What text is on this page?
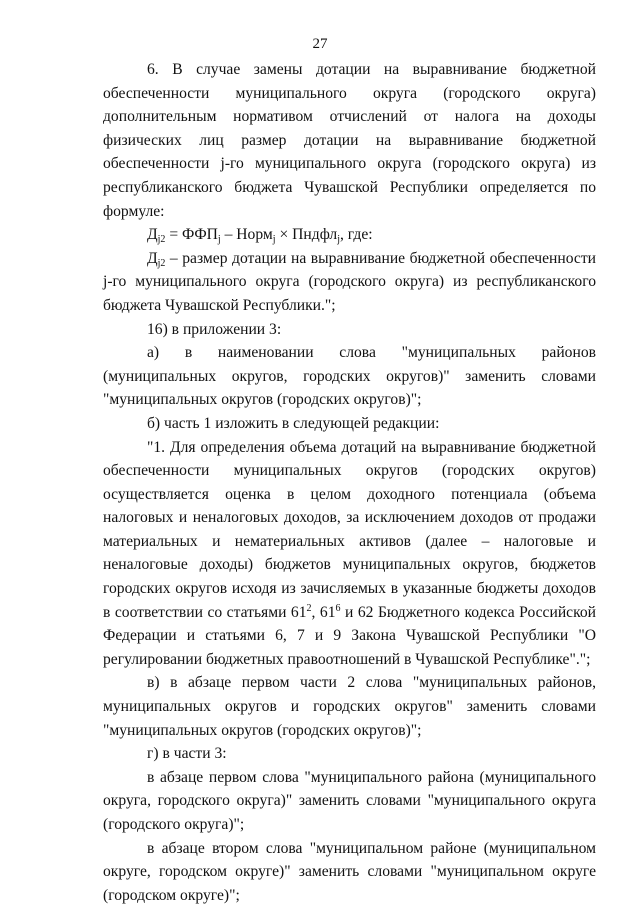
27

6. В случае замены дотации на выравнивание бюджетной обеспеченности муниципального округа (городского округа) дополнительным нормативом отчислений от налога на доходы физических лиц размер дотации на выравнивание бюджетной обеспеченности j-го муниципального округа (городского округа) из республиканского бюджета Чувашской Республики определяется по формуле:

$Д_{j2} = ФФП_j$ – Норм$_j$ × Пндфл$_j$, где:

$Д_{j2}$ – размер дотации на выравнивание бюджетной обеспеченности j-го муниципального округа (городского округа) из республиканского бюджета Чувашской Республики.";

16) в приложении 3:

а) в наименовании слова "муниципальных районов (муниципальных округов, городских округов)" заменить словами "муниципальных округов (городских округов)";

б) часть 1 изложить в следующей редакции:

"1. Для определения объема дотаций на выравнивание бюджетной обеспеченности муниципальных округов (городских округов) осуществляется оценка в целом доходного потенциала (объема налоговых и неналоговых доходов, за исключением доходов от продажи материальных и нематериальных активов (далее – налоговые и неналоговые доходы) бюджетов муниципальных округов, бюджетов городских округов исходя из зачисляемых в указанные бюджеты доходов в соответствии со статьями $61^2$, $61^6$ и 62 Бюджетного кодекса Российской Федерации и статьями 6, 7 и 9 Закона Чувашской Республики "О регулировании бюджетных правоотношений в Чувашской Республике".";

в) в абзаце первом части 2 слова "муниципальных районов, муниципальных округов и городских округов" заменить словами "муниципальных округов (городских округов)";

г) в части 3:

в абзаце первом слова "муниципального района (муниципального округа, городского округа)" заменить словами "муниципального округа (городского округа)";

в абзаце втором слова "муниципальном районе (муниципальном округе, городском округе)" заменить словами "муниципальном округе (городском округе)";
